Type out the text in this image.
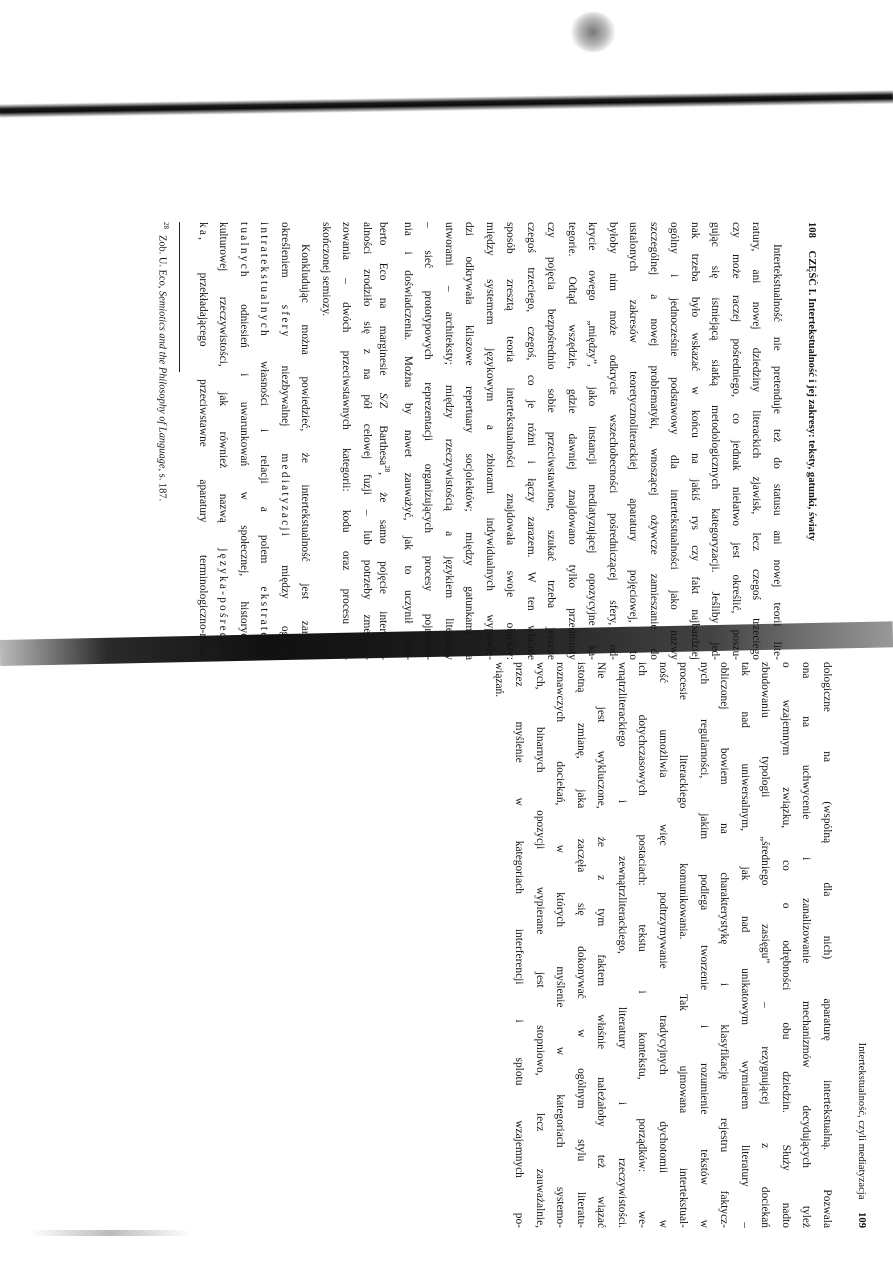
108 CZĘŚĆ I. Intertekstualność i jej zakresy: teksty, gatunki, światy
Intertekstualność nie pretenduje też do statusu ani nowej teorii lite-
ratury, ani nowej dziedziny literackich zjawisk, lecz czegoś trzeciego
czy może raczej pośredniego, co jednak niełatwo jest określić, poszu-
gując się istniejącą siatką metodologicznych kategoryzacji. Jeśliby jed-
nak trzeba było wskazać w końcu na jakiś rys czy fakt najbardziej
ogólny i jednocześnie podstawowy dla intertekstualności jako nazwy
szczególnej a nowej problematyki, wnoszącej ożywcze zamieszanie do
ustalonych zakresów teoretycznoliterackiej aparatury pojęciowej, to
byłoby nim może odkrycie wszechobecności pośredniczącej sfery, od-
krycie owego „między”, jako instancji mediatyzującej opozycyjne ka-
tegorie. Odtąd wszędzie, gdzie dawniej znajdowano tylko przedmioty
czy pojęcia bezpośrednio sobie przeciwstawione, szukać trzeba jeszcze
czegoś trzeciego, czegoś, co je różni i łączy zarazem. W ten właśnie
sposób zresztą teoria intertekstualności znajdowała swoje obiekty:
między systemem językowym a zbiorami indywidualnych wypowie-
dzi odkrywała kliszowe repertuary socjolektów; między gatunkami a
utworami – architeksty; między rzeczywistością a językiem literatury
– sieć prototypowych reprezentacji organizujących procesy pojmowa-
nia i doświadczenia. Można by nawet zauważyć, jak to uczynił Um-
berto Eco na marginesie S/Z Barthesa$^{28}$, że samo pojęcie interteksu-
alności zrodziło się z na pół celowej fuzji – lub potrzeby zmediaty-
zowania – dwóch przeciwstawnych kategorii: kodu oraz procesu nie-
skończonej semiozy.
Konkludując można powiedzieć, że intertekstualność jest zarówno
określeniem sfery niezbywalnej mediatyzacji między ogółem
intratekstualnych własności i relacji a polem ekstrateks-
tualnych odniesień i uwarunkowań w społecznej, historycznej,
kulturowej rzeczywistości, jak również nazwą języka-pośredni-
ka, przekładającego przeciwstawne aparatury terminologiczno-meto-
$^{28}$Zob. U. Eco, Semiotics and the Philosophy of Language, s. 187.
Intertekstualność, czyli mediatyzacja 109
dologiczne na (wspólną dla nich) aparaturę intertekstualną. Pozwala
ona na uchwycenie i zanalizowanie mechanizmów decydujących tyleż
o wzajemnym związku, co o odrębności obu dziedzin. Służy nadto
zbudowaniu typologii „średniego zasięgu” – rezygnującej z dociekań
tak nad uniwersalnym, jak nad unikatowym wymiarem literatury –
obliczonej bowiem na charakterystykę i klasyfikację rejestru faktycz-
nych regularności, jakim podlega tworzenie i rozumienie tekstów w
procesie literackiego komunikowania. Tak ujmowana intertekstual-
ność umożliwia więc podtrzymywanie tradycyjnych dychotomii w
ich dotychczasowych postaciach: tekstu i kontekstu, porządków: we-
wnątrzliterackiego i zewnątrzliterackiego, literatury i rzeczywistości.
Nie jest wykluczone, że z tym faktem właśnie należałoby też wiązać
istotną zmianę, jaka zaczęła się dokonywać w ogólnym stylu literatu-
roznawczych dociekań, w których myślenie w kategoriach systemo-
wych, binarnych opozycji wypierane jest stopniowo, lecz zauważalnie,
przez myślenie w kategoriach interferencji i splotu wzajemnych po-
wiązań.
